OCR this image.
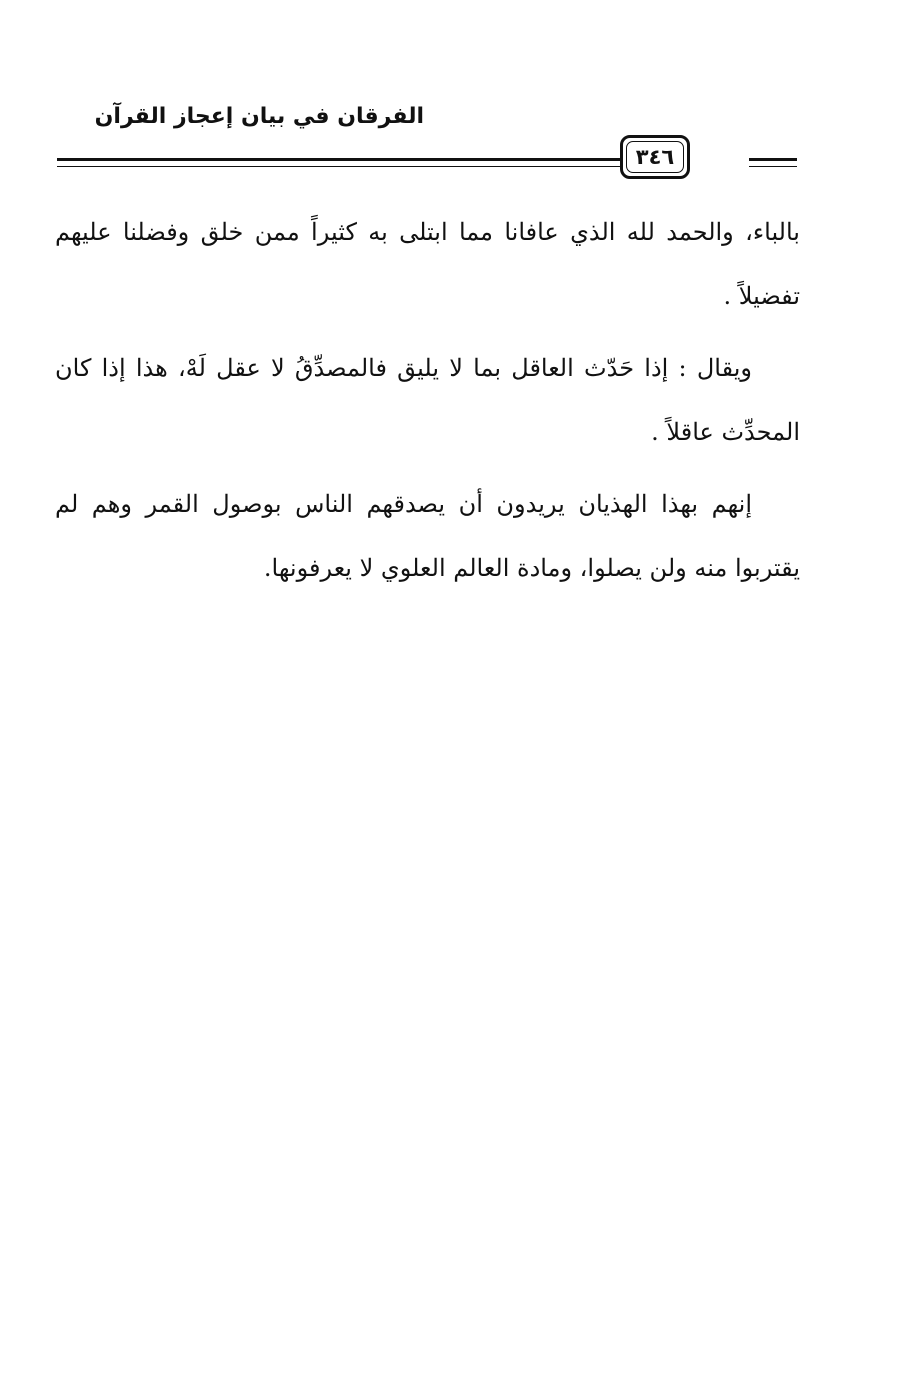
الفرقان في بيان إعجاز القرآن
٣٤٦

بالباء، والحمد لله الذي عافانا مما ابتلى به كثيراً ممن خلق وفضلنا عليهم تفضيلاً .

ويقال : إذا حَدّث العاقل بما لا يليق فالمصدِّقُ لا عقل لَهْ، هذا إذا كان المحدِّث عاقلاً .

إنهم بهذا الهذيان يريدون أن يصدقهم الناس بوصول القمر وهم لم يقتربوا منه ولن يصلوا، ومادة العالم العلوي لا يعرفونها.
